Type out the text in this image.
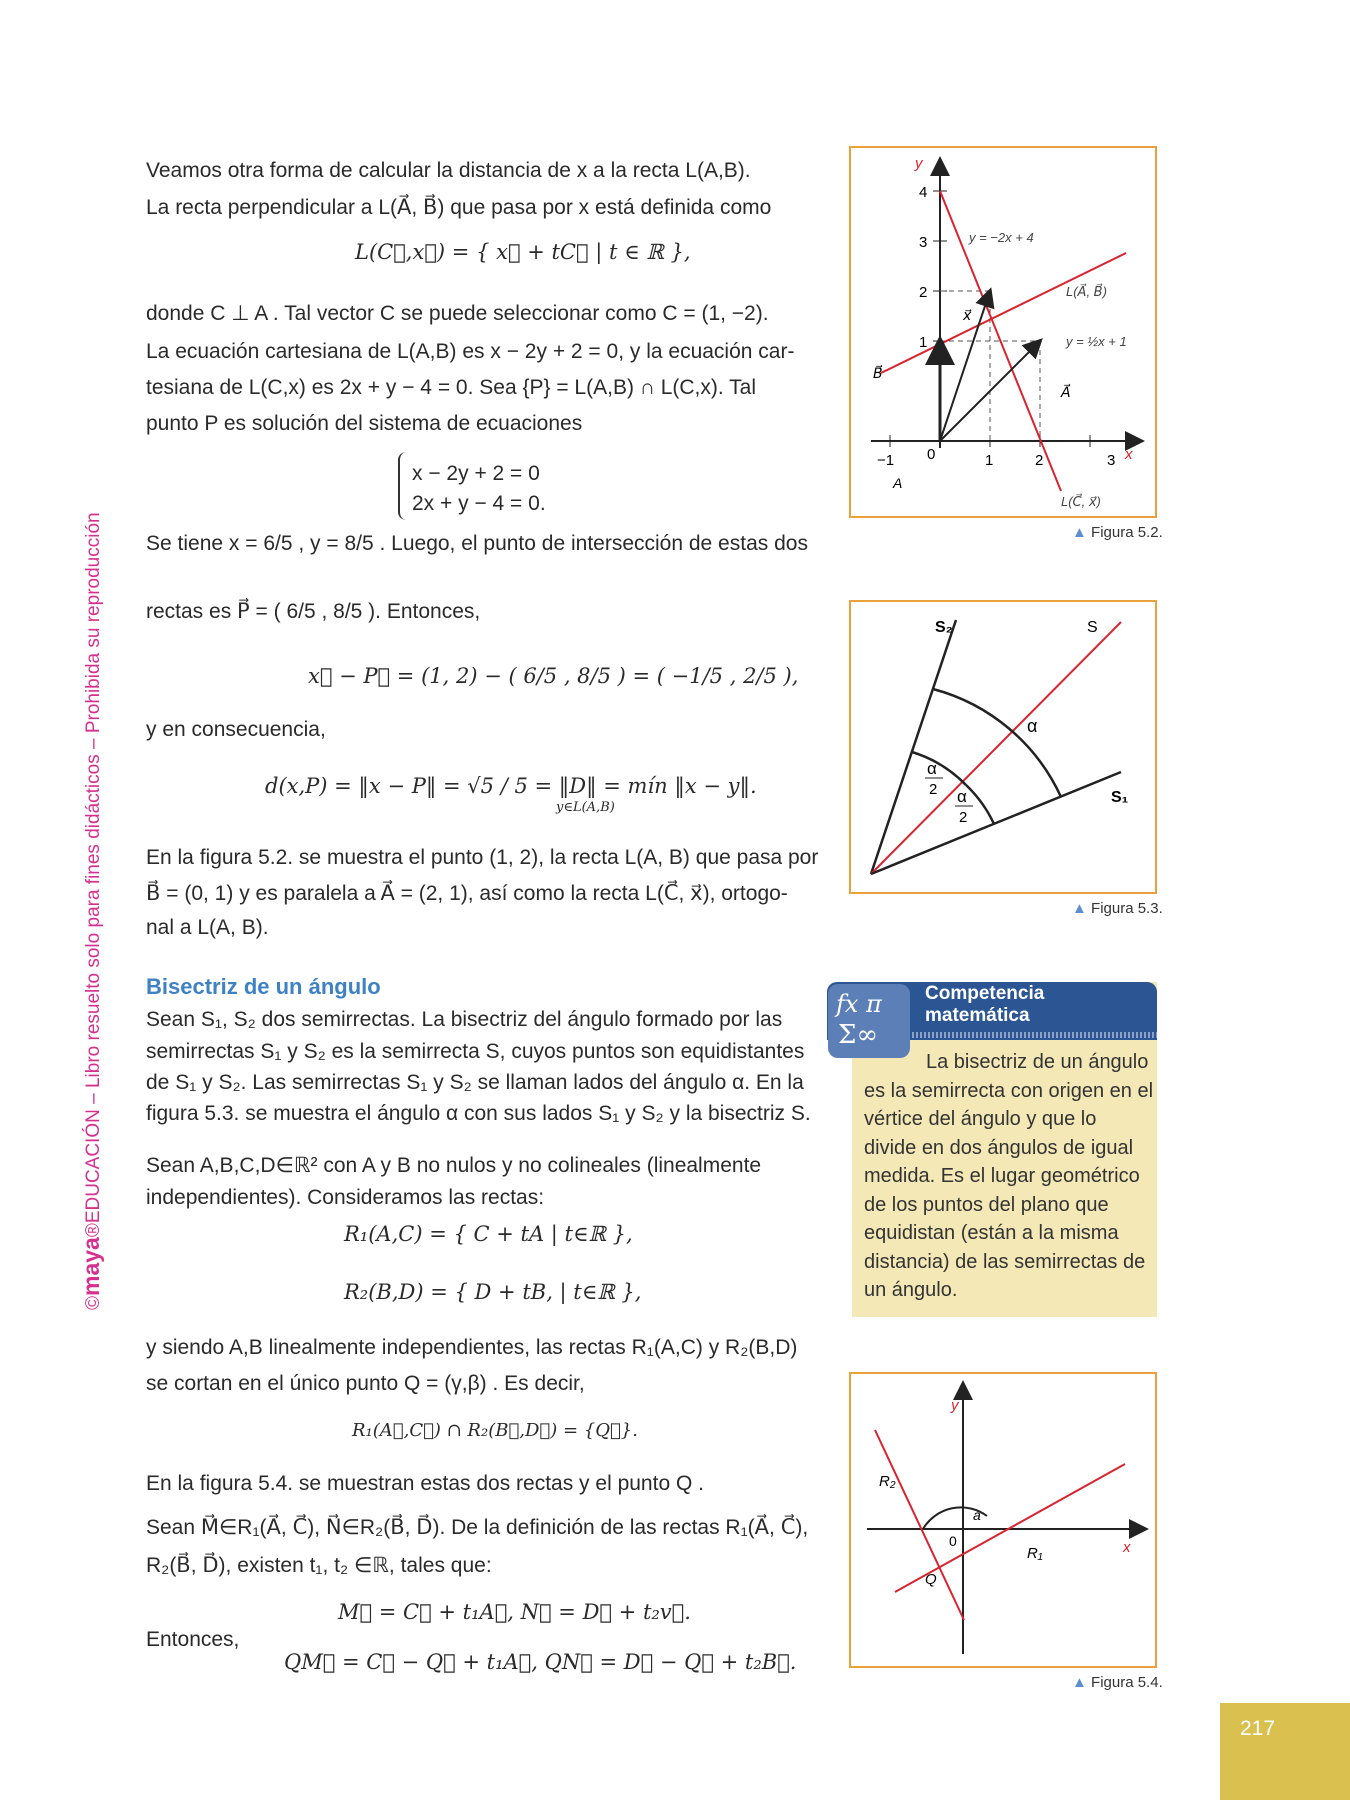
©maya®EDUCACIÓN – Libro resuelto solo para fines didácticos – Prohibida su reproducción
Veamos otra forma de calcular la distancia de x a la recta L(A,B).
La recta perpendicular a L(A⃗, B⃗) que pasa por x está definida como
L(C⃗,x⃗) = { x⃗ + tC⃗ | t ∈ ℝ },
donde C ⊥ A . Tal vector C se puede seleccionar como C = (1, −2).
La ecuación cartesiana de L(A,B) es x − 2y + 2 = 0, y la ecuación car-
tesiana de L(C,x) es 2x + y − 4 = 0. Sea {P} = L(A,B) ∩ L(C,x). Tal
punto P es solución del sistema de ecuaciones
x − 2y + 2 = 0
2x + y − 4 = 0.
Se tiene x = 6/5 , y = 8/5 . Luego, el punto de intersección de estas dos
rectas es P⃗ = ( 6/5 , 8/5 ). Entonces,
x⃗ − P⃗ = (1, 2) − ( 6/5 , 8/5 ) = ( −1/5 , 2/5 ),
y en consecuencia,
d(x,P) = ‖x − P‖ = √5 / 5 = ‖D‖ = mín ‖x − y‖.
y∈L(A,B)
En la figura 5.2. se muestra el punto (1, 2), la recta L(A, B) que pasa por
B⃗ = (0, 1) y es paralela a A⃗ = (2, 1), así como la recta L(C⃗, x⃗), ortogo-
nal a L(A, B).
Bisectriz de un ángulo
Sean S₁, S₂ dos semirrectas. La bisectriz del ángulo formado por las
semirrectas S₁ y S₂ es la semirrecta S, cuyos puntos son equidistantes
de S₁ y S₂. Las semirrectas S₁ y S₂ se llaman lados del ángulo α. En la
figura 5.3. se muestra el ángulo α con sus lados S₁ y S₂ y la bisectriz S.
Sean A,B,C,D∈ℝ² con A y B no nulos y no colineales (linealmente
independientes). Consideramos las rectas:
R₁(A,C) = { C + tA | t∈ℝ },
R₂(B,D) = { D + tB, | t∈ℝ },
y siendo A,B linealmente independientes, las rectas R₁(A,C) y R₂(B,D)
se cortan en el único punto Q = (γ,β) . Es decir,
R₁(A⃗,C⃗) ∩ R₂(B⃗,D⃗) = {Q⃗}.
En la figura 5.4. se muestran estas dos rectas y el punto Q .
Sean M⃗∈R₁(A⃗, C⃗), N⃗∈R₂(B⃗, D⃗). De la definición de las rectas R₁(A⃗, C⃗),
R₂(B⃗, D⃗), existen t₁, t₂ ∈ℝ, tales que:
M⃗ = C⃗ + t₁A⃗, N⃗ = D⃗ + t₂v⃗.
Entonces,
QM⃗ = C⃗ − Q⃗ + t₁A⃗, QN⃗ = D⃗ − Q⃗ + t₂B⃗.
y
x
4
3
2
1
0
−1	1	2	3
y = −2x + 4
L(A⃗, B⃗)
y = ½x + 1
x⃗
B⃗
A⃗
A
L(C⃗, x⃗)
▲ Figura 5.2.
S₂	S
S₁
α
α
2 α
2
▲ Figura 5.3.
fx π
Σ∞
Competencia
matemática
La bisectriz de un ángulo es la semirrecta con origen en el vértice del ángulo y que lo divide en dos ángulos de igual medida. Es el lugar geométrico de los puntos del plano que equidistan (están a la misma distancia) de las semirrectas de un ángulo.
y
x
R₂
R₁
a
0
Q
▲ Figura 5.4.
217
